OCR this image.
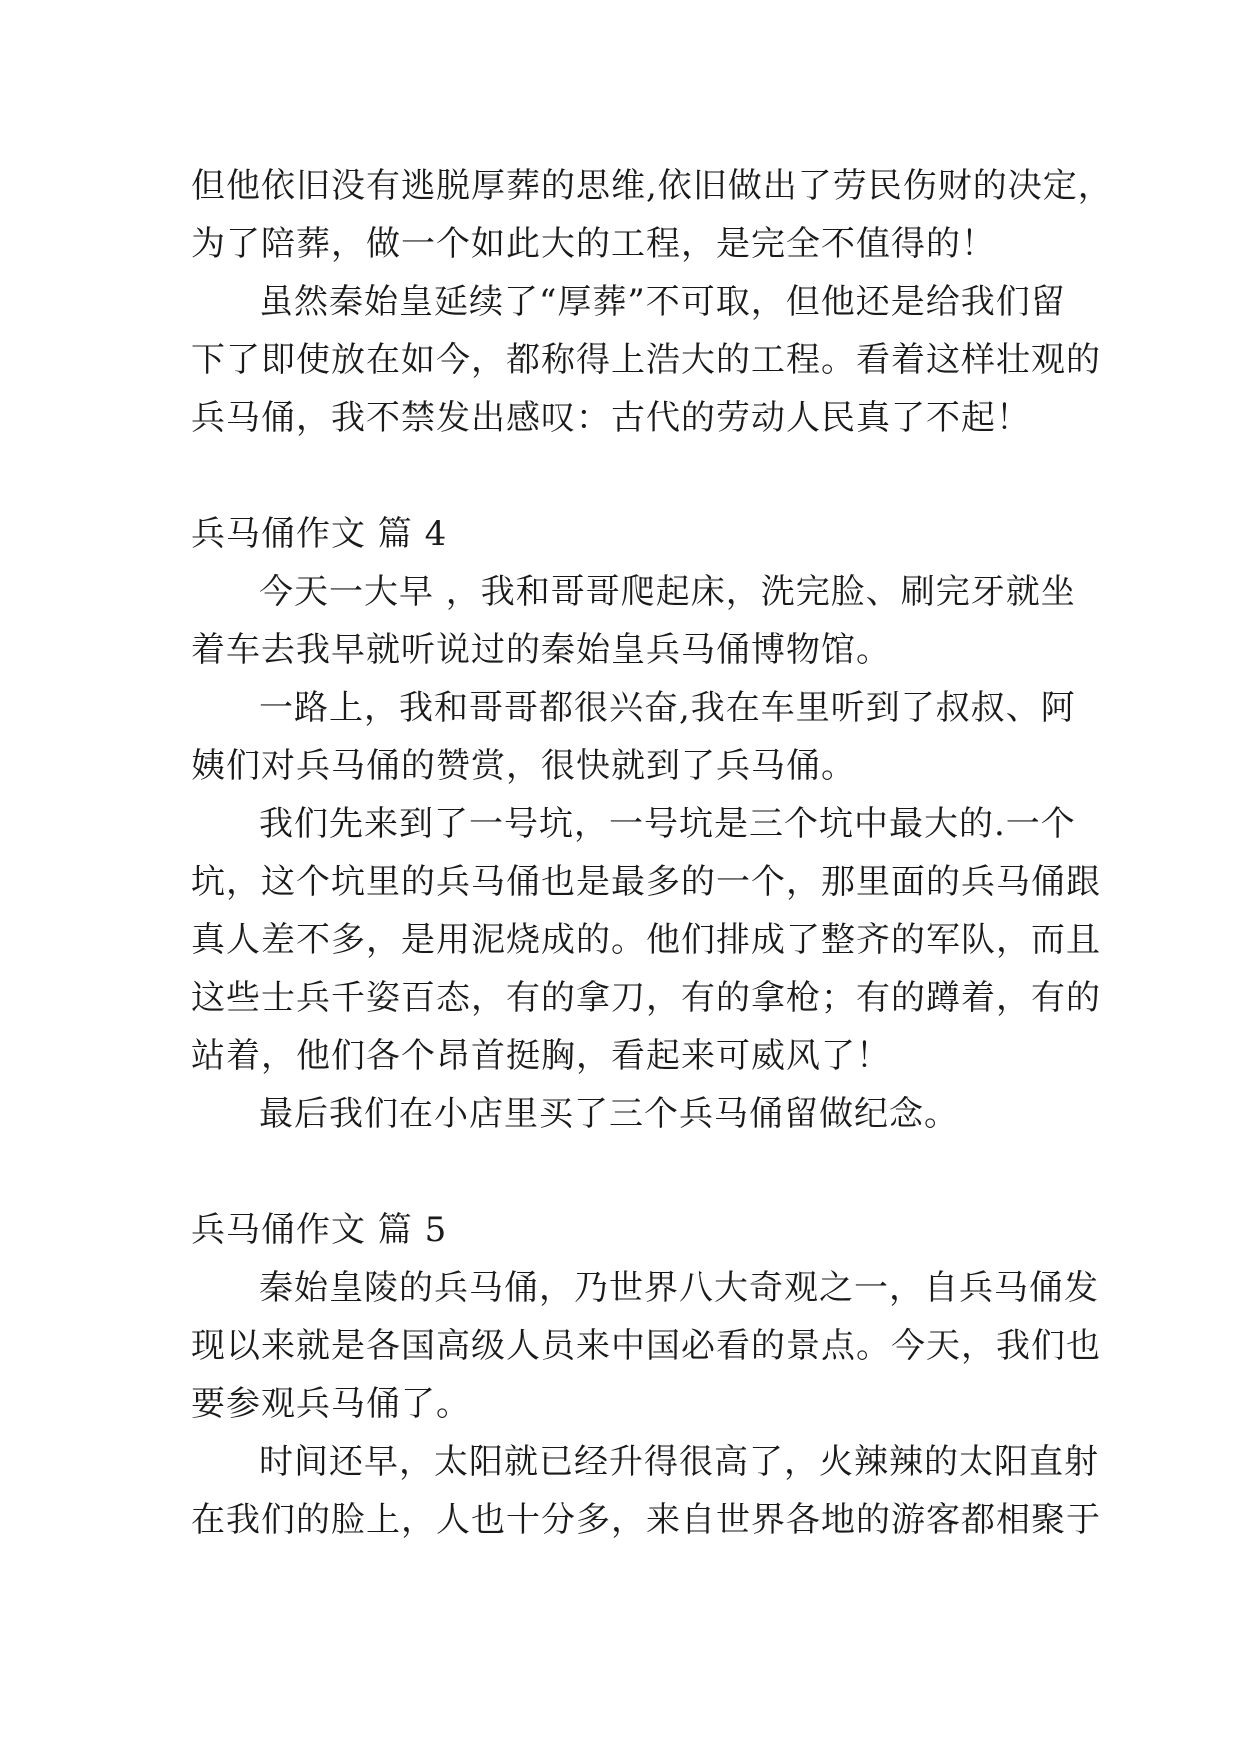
但他依旧没有逃脱厚葬的思维,依旧做出了劳民伤财的决定，
为了陪葬，做一个如此大的工程，是完全不值得的！
虽然秦始皇延续了“厚葬”不可取，但他还是给我们留
下了即使放在如今，都称得上浩大的工程。看着这样壮观的
兵马俑，我不禁发出感叹：古代的劳动人民真了不起！
兵马俑作文 篇 4
今天一大早 ，我和哥哥爬起床，洗完脸、刷完牙就坐
着车去我早就听说过的秦始皇兵马俑博物馆。
一路上，我和哥哥都很兴奋,我在车里听到了叔叔、阿
姨们对兵马俑的赞赏，很快就到了兵马俑。
我们先来到了一号坑，一号坑是三个坑中最大的.一个
坑，这个坑里的兵马俑也是最多的一个，那里面的兵马俑跟
真人差不多，是用泥烧成的。他们排成了整齐的军队，而且
这些士兵千姿百态，有的拿刀，有的拿枪；有的蹲着，有的
站着，他们各个昂首挺胸，看起来可威风了！
最后我们在小店里买了三个兵马俑留做纪念。
兵马俑作文 篇 5
秦始皇陵的兵马俑，乃世界八大奇观之一，自兵马俑发
现以来就是各国高级人员来中国必看的景点。今天，我们也
要参观兵马俑了。
时间还早，太阳就已经升得很高了，火辣辣的太阳直射
在我们的脸上，人也十分多，来自世界各地的游客都相聚于
